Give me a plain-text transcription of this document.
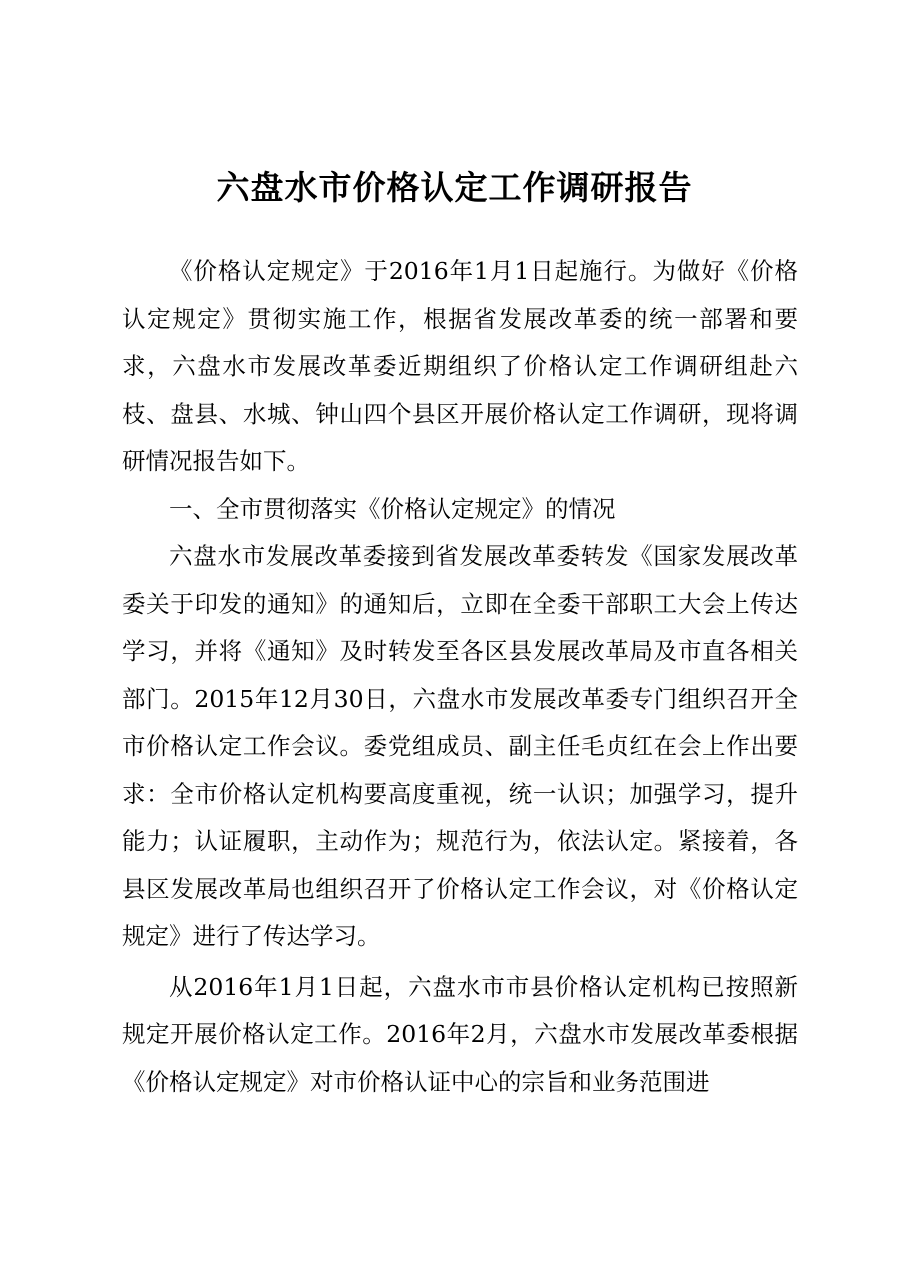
六盘水市价格认定工作调研报告

《价格认定规定》于2016年1月1日起施行。为做好《价格认定规定》贯彻实施工作，根据省发展改革委的统一部署和要求，六盘水市发展改革委近期组织了价格认定工作调研组赴六枝、盘县、水城、钟山四个县区开展价格认定工作调研，现将调研情况报告如下。

一、全市贯彻落实《价格认定规定》的情况

六盘水市发展改革委接到省发展改革委转发《国家发展改革委关于印发的通知》的通知后，立即在全委干部职工大会上传达学习，并将《通知》及时转发至各区县发展改革局及市直各相关部门。2015年12月30日，六盘水市发展改革委专门组织召开全市价格认定工作会议。委党组成员、副主任毛贞红在会上作出要求：全市价格认定机构要高度重视，统一认识；加强学习，提升能力；认证履职，主动作为；规范行为，依法认定。紧接着，各县区发展改革局也组织召开了价格认定工作会议，对《价格认定规定》进行了传达学习。

从2016年1月1日起，六盘水市市县价格认定机构已按照新规定开展价格认定工作。2016年2月，六盘水市发展改革委根据《价格认定规定》对市价格认证中心的宗旨和业务范围进
